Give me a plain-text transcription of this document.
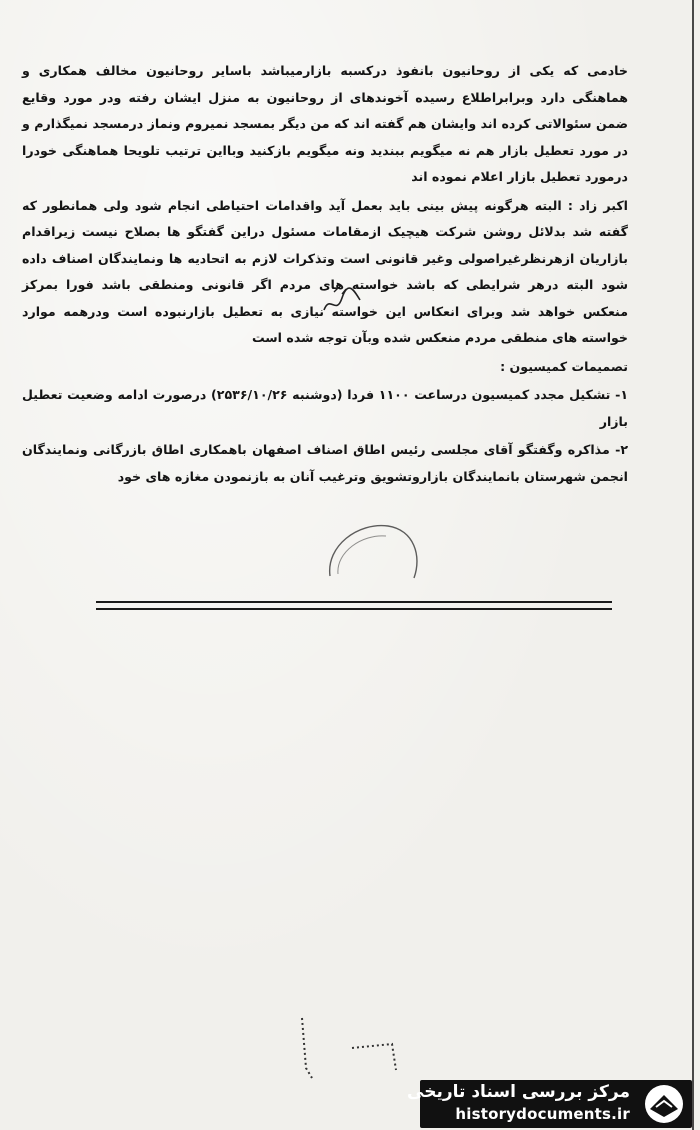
خادمی که یکی از روحانیون بانفوذ درکسبه بازارمیباشد باسایر روحانیون مخالف همکاری و هماهنگی دارد وبرابراطلاع رسیده آخوندهای از روحانیون به منزل ایشان رفته ودر مورد وقایع ضمن سئوالاتی کرده اند وایشان هم گفته اند که من دیگر بمسجد نمیروم ونماز درمسجد نمیگذارم و در مورد تعطیل بازار هم نه میگویم ببندید ونه میگویم بازکنید وبااین ترتیب تلویحا هماهنگی خودرا درمورد تعطیل بازار اعلام نموده اند

اکبر زاد : البته هرگونه پیش بینی باید بعمل آید واقدامات احتیاطی انجام شود ولی همانطور که گفته شد بدلائل روشن شرکت هیچیک ازمقامات مسئول دراین گفتگو ها بصلاح نیست زیراقدام بازاریان ازهرنظرغیراصولی وغیر قانونی است وتذکرات لازم به اتحادیه ها ونمایندگان اصناف داده شود البته درهر شرایطی که باشد خواسته های مردم اگر قانونی ومنطقی باشد فورا بمرکز منعکس خواهد شد وبرای انعکاس این خواسته نیازی به تعطیل بازارنبوده است ودرهمه موارد خواسته های منطقی مردم منعکس شده وبآن توجه شده است

تصمیمات کمیسیون :

۱- تشکیل مجدد کمیسیون درساعت ۱۱۰۰ فردا (دوشنبه ۲۵۳۶/۱۰/۲۶) درصورت ادامه وضعیت تعطیل بازار

۲- مذاکره وگفتگو آقای مجلسی رئیس اطاق اصناف اصفهان باهمکاری اطاق بازرگانی ونمایندگان انجمن شهرستان بانمایندگان بازاروتشویق وترغیب آنان به بازنمودن مغازه های خود

مرکز بررسی اسناد تاریخی
historydocuments.ir
